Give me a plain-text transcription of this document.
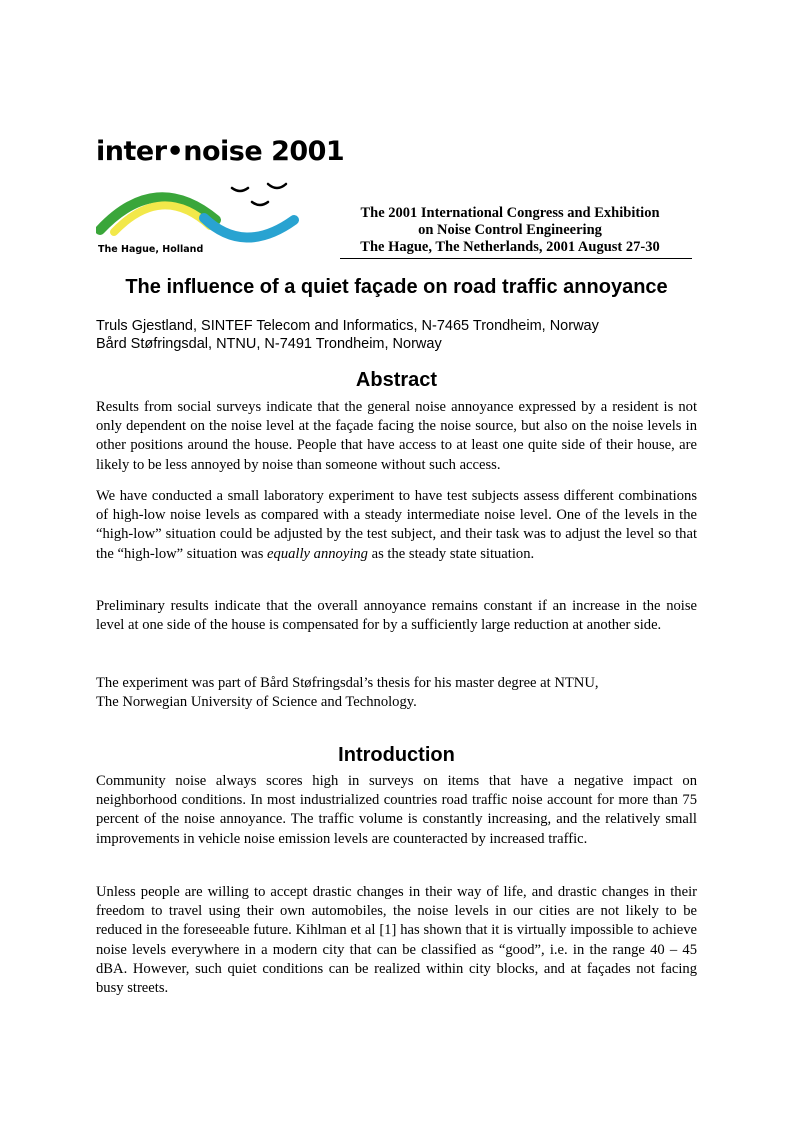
inter•noise 2001
The Hague, Holland
The 2001 International Congress and Exhibition
on Noise Control Engineering
The Hague, The Netherlands, 2001 August 27-30
The influence of a quiet façade on road traffic annoyance
Truls Gjestland, SINTEF Telecom and Informatics, N-7465 Trondheim, Norway
Bård Støfringsdal, NTNU, N-7491 Trondheim, Norway
Abstract
Results from social surveys indicate that the general noise annoyance expressed by a resident is not only dependent on the noise level at the façade facing the noise source, but also on the noise levels in other positions around the house. People that have access to at least one quite side of their house, are likely to be less annoyed by noise than someone without such access.
We have conducted a small laboratory experiment to have test subjects assess different combinations of high-low noise levels as compared with a steady intermediate noise level. One of the levels in the “high-low” situation could be adjusted by the test subject, and their task was to adjust the level so that the “high-low” situation was equally annoying as the steady state situation.
Preliminary results indicate that the overall annoyance remains constant if an increase in the noise level at one side of the house is compensated for by a sufficiently large reduction at another side.
The experiment was part of Bård Støfringsdal’s thesis for his master degree at NTNU,
The Norwegian University of Science and Technology.
Introduction
Community noise always scores high in surveys on items that have a negative impact on neighborhood conditions. In most industrialized countries road traffic noise account for more than 75 percent of the noise annoyance. The traffic volume is constantly increasing, and the relatively small improvements in vehicle noise emission levels are counteracted by increased traffic.
Unless people are willing to accept drastic changes in their way of life, and drastic changes in their freedom to travel using their own automobiles, the noise levels in our cities are not likely to be reduced in the foreseeable future. Kihlman et al [1] has shown that it is virtually impossible to achieve noise levels everywhere in a modern city that can be classified as “good”, i.e. in the range 40 – 45 dBA. However, such quiet conditions can be realized within city blocks, and at façades not facing busy streets.
